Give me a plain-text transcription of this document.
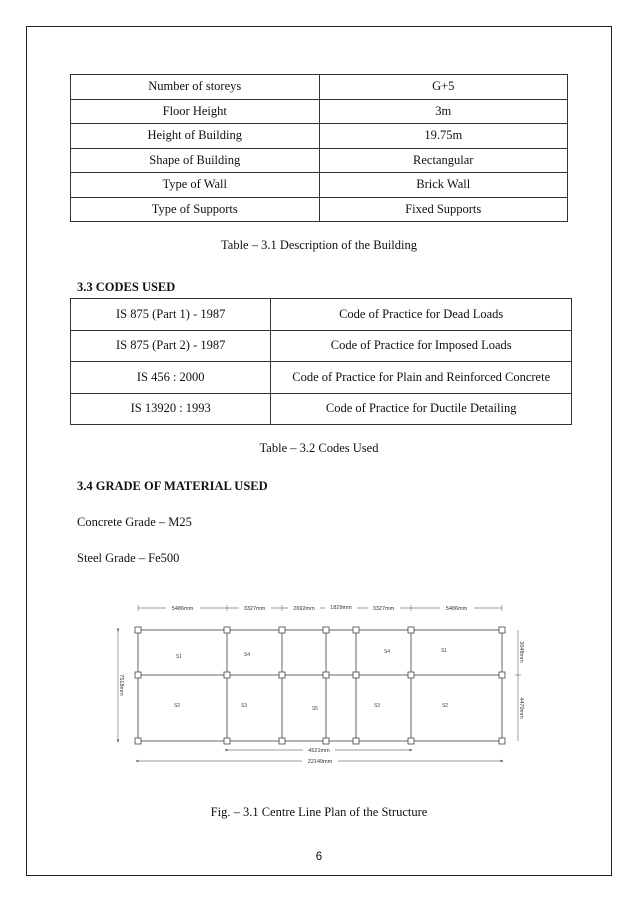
Number of storeys	G+5
Floor Height	3m
Height of Building	19.75m
Shape of Building	Rectangular
Type of Wall	Brick Wall
Type of Supports	Fixed Supports
Table – 3.1 Description of the Building
3.3 CODES USED
IS 875 (Part 1) - 1987	Code of Practice for Dead Loads
IS 875 (Part 2) - 1987	Code of Practice for Imposed Loads
IS 456 : 2000	Code of Practice for Plain and Reinforced Concrete
IS 13920 : 1993	Code of Practice for Ductile Detailing
Table – 3.2 Codes Used
3.4 GRADE OF MATERIAL USED
Concrete Grade – M25
Steel Grade – Fe500
5486mm	3327mm	2692mm	1829mm	3327mm	5486mm
4521mm
22149mm
7518mm
3048mm
4470mm
S1	S4	S4	S1
S2	S3	S5	S3	S2
Fig. – 3.1 Centre Line Plan of the Structure
6
